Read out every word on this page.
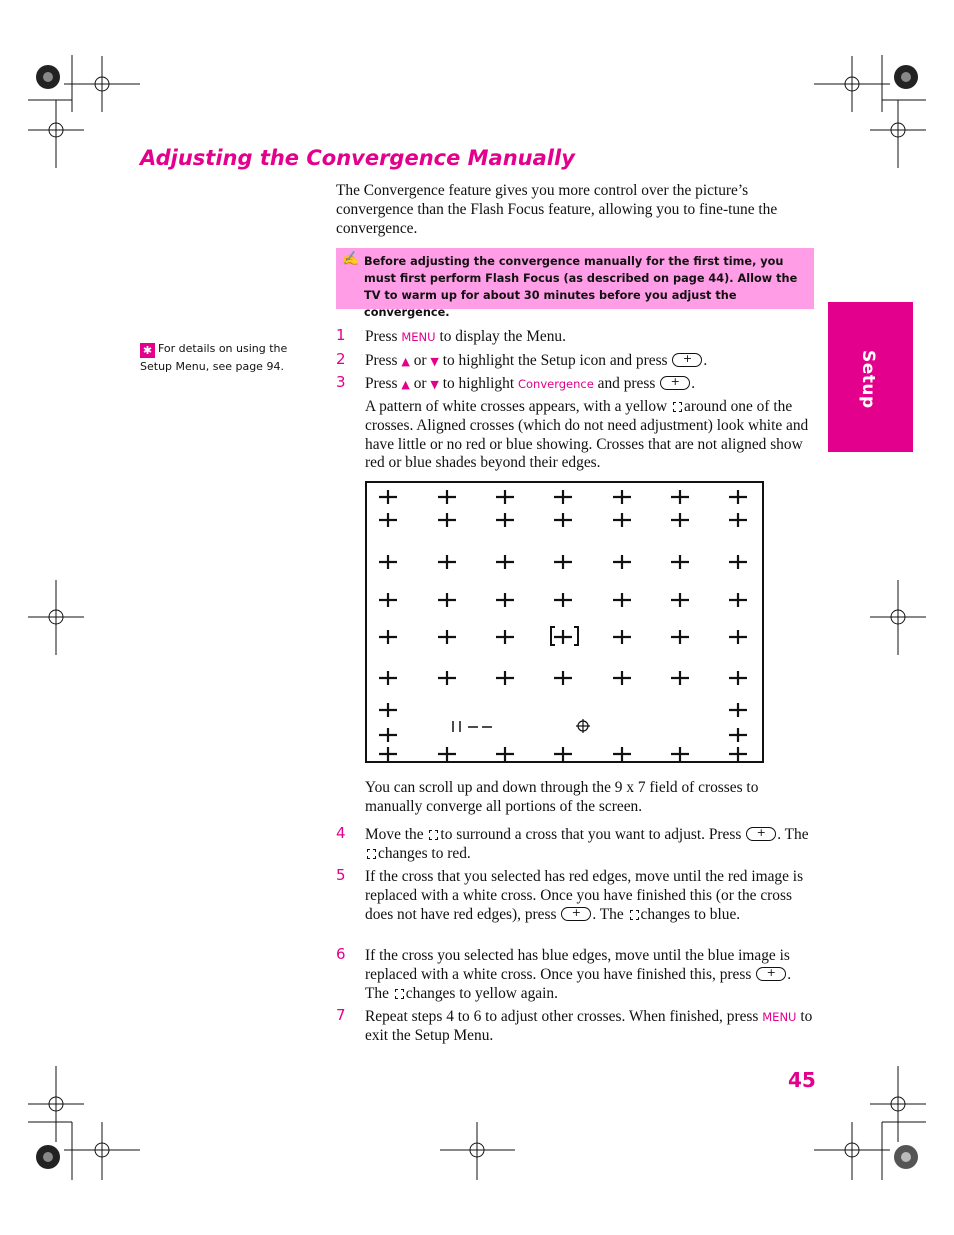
Adjusting the Convergence Manually
The Convergence feature gives you more control over the picture’s convergence than the Flash Focus feature, allowing you to fine-tune the convergence.
✍ Before adjusting the convergence manually for the first time, you must first perform Flash Focus (as described on page 44). Allow the TV to warm up for about 30 minutes before you adjust the convergence.
✱ For details on using the Setup Menu, see page 94.
1 Press MENU to display the Menu.
2 Press ▲ or ▼ to highlight the Setup icon and press + .
3 Press ▲ or ▼ to highlight Convergence and press + .
A pattern of white crosses appears, with a yellow around one of the crosses. Aligned crosses (which do not need adjustment) look white and have little or no red or blue showing. Crosses that are not aligned show red or blue shades beyond their edges.
You can scroll up and down through the 9 x 7 field of crosses to manually converge all portions of the screen.
4 Move the to surround a cross that you want to adjust. Press + . The changes to red.
5 If the cross that you selected has red edges, move until the red image is replaced with a white cross. Once you have finished this (or the cross does not have red edges), press + . The changes to blue.
6 If the cross you selected has blue edges, move until the blue image is replaced with a white cross. Once you have finished this, press + . The changes to yellow again.
7 Repeat steps 4 to 6 to adjust other crosses. When finished, press MENU to exit the Setup Menu.
Setup
45
